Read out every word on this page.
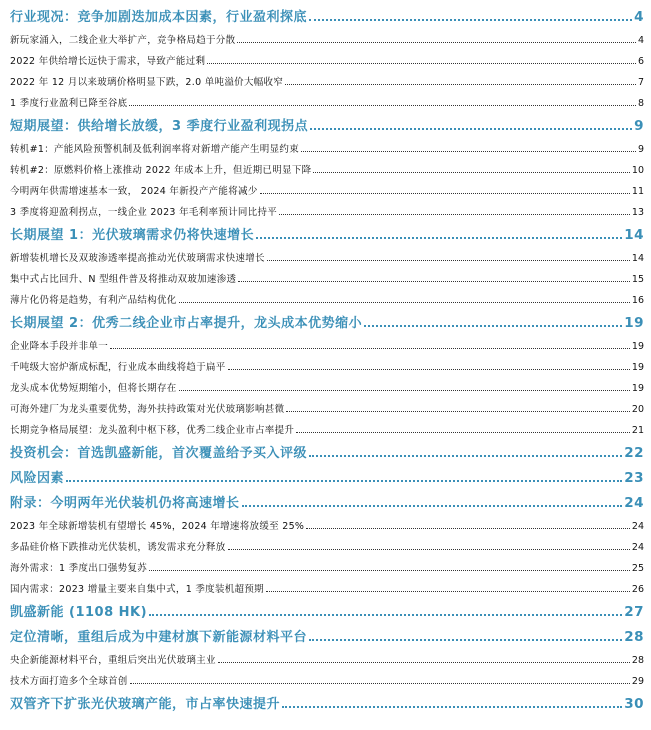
行业现况：竞争加剧迭加成本因素，行业盈利探底	4
新玩家涌入，二线企业大举扩产，竞争格局趋于分散	4
2022 年供给增长远快于需求，导致产能过剩	6
2022 年 12 月以来玻璃价格明显下跌，2.0 单吨溢价大幅收窄	7
1 季度行业盈利已降至谷底	8
短期展望：供给增长放缓，3 季度行业盈利现拐点	9
转机#1：产能风险预警机制及低利润率将对新增产能产生明显约束	9
转机#2：原燃料价格上涨推动 2022 年成本上升，但近期已明显下降	10
今明两年供需增速基本一致， 2024 年新投产产能将减少	11
3 季度将迎盈利拐点，一线企业 2023 年毛利率预计同比持平	13
长期展望 1：光伏玻璃需求仍将快速增长	14
新增装机增长及双玻渗透率提高推动光伏玻璃需求快速增长	14
集中式占比回升、N 型组件普及将推动双玻加速渗透	15
薄片化仍将是趋势，有利产品结构优化	16
长期展望 2：优秀二线企业市占率提升，龙头成本优势缩小	19
企业降本手段并非单一	19
千吨级大窑炉渐成标配，行业成本曲线将趋于扁平	19
龙头成本优势短期缩小，但将长期存在	19
可海外建厂为龙头重要优势，海外扶持政策对光伏玻璃影响甚微	20
长期竞争格局展望：龙头盈利中枢下移，优秀二线企业市占率提升	21
投资机会：首选凯盛新能，首次覆盖给予买入评级	22
风险因素	23
附录：今明两年光伏装机仍将高速增长	24
2023 年全球新增装机有望增长 45%，2024 年增速将放缓至 25%	24
多晶硅价格下跌推动光伏装机，诱发需求充分释放	24
海外需求：1 季度出口强势复苏	25
国内需求：2023 增量主要来自集中式，1 季度装机超预期	26
凯盛新能 (1108 HK)	27
定位清晰，重组后成为中建材旗下新能源材料平台	28
央企新能源材料平台，重组后突出光伏玻璃主业	28
技术方面打造多个全球首创	29
双管齐下扩张光伏玻璃产能，市占率快速提升	30
